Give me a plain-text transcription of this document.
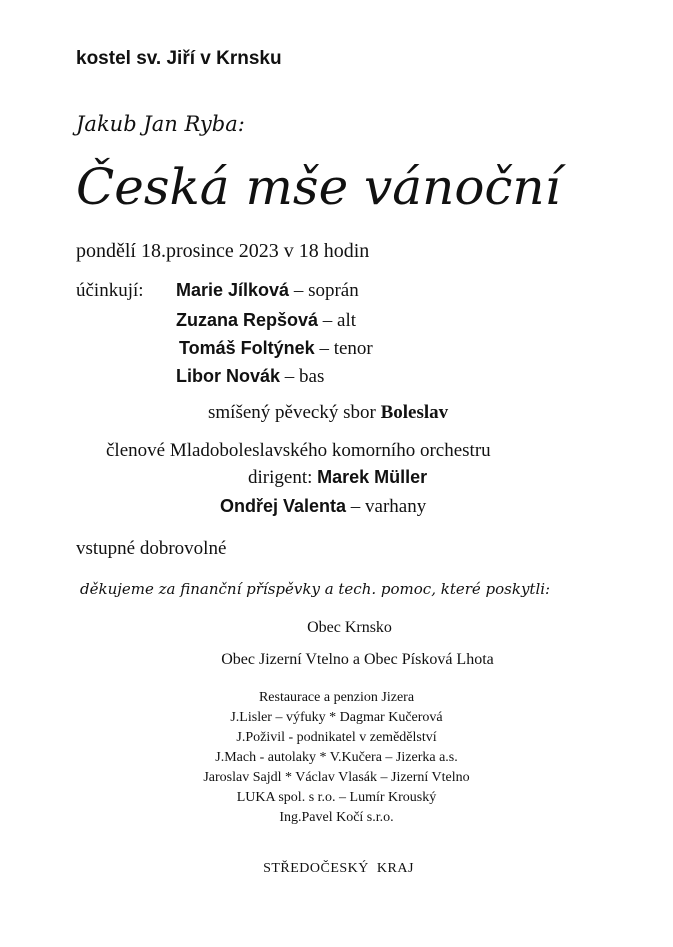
kostel sv. Jiří v Krnsku
Jakub Jan Ryba:
Česká mše vánoční
pondělí 18.prosince 2023 v 18 hodin
účinkují: Marie Jílková – soprán
Zuzana Repšová – alt
Tomáš Foltýnek – tenor
Libor Novák – bas
smíšený pěvecký sbor Boleslav
členové Mladoboleslavského komorního orchestru
dirigent: Marek Müller
Ondřej Valenta – varhany
vstupné dobrovolné
děkujeme za finanční příspěvky a tech. pomoc, které poskytli:
Obec Krnsko
Obec Jizerní Vtelno a Obec Písková Lhota
Restaurace a penzion Jizera
J.Lisler – výfuky * Dagmar Kučerová
J.Poživil - podnikatel v zemědělství
J.Mach - autolaky * V.Kučera – Jizerka a.s.
Jaroslav Sajdl * Václav Vlasák – Jizerní Vtelno
LUKA spol. s r.o. – Lumír Krouský
Ing.Pavel Kočí s.r.o.
STŘEDOČESKÝ  KRAJ
